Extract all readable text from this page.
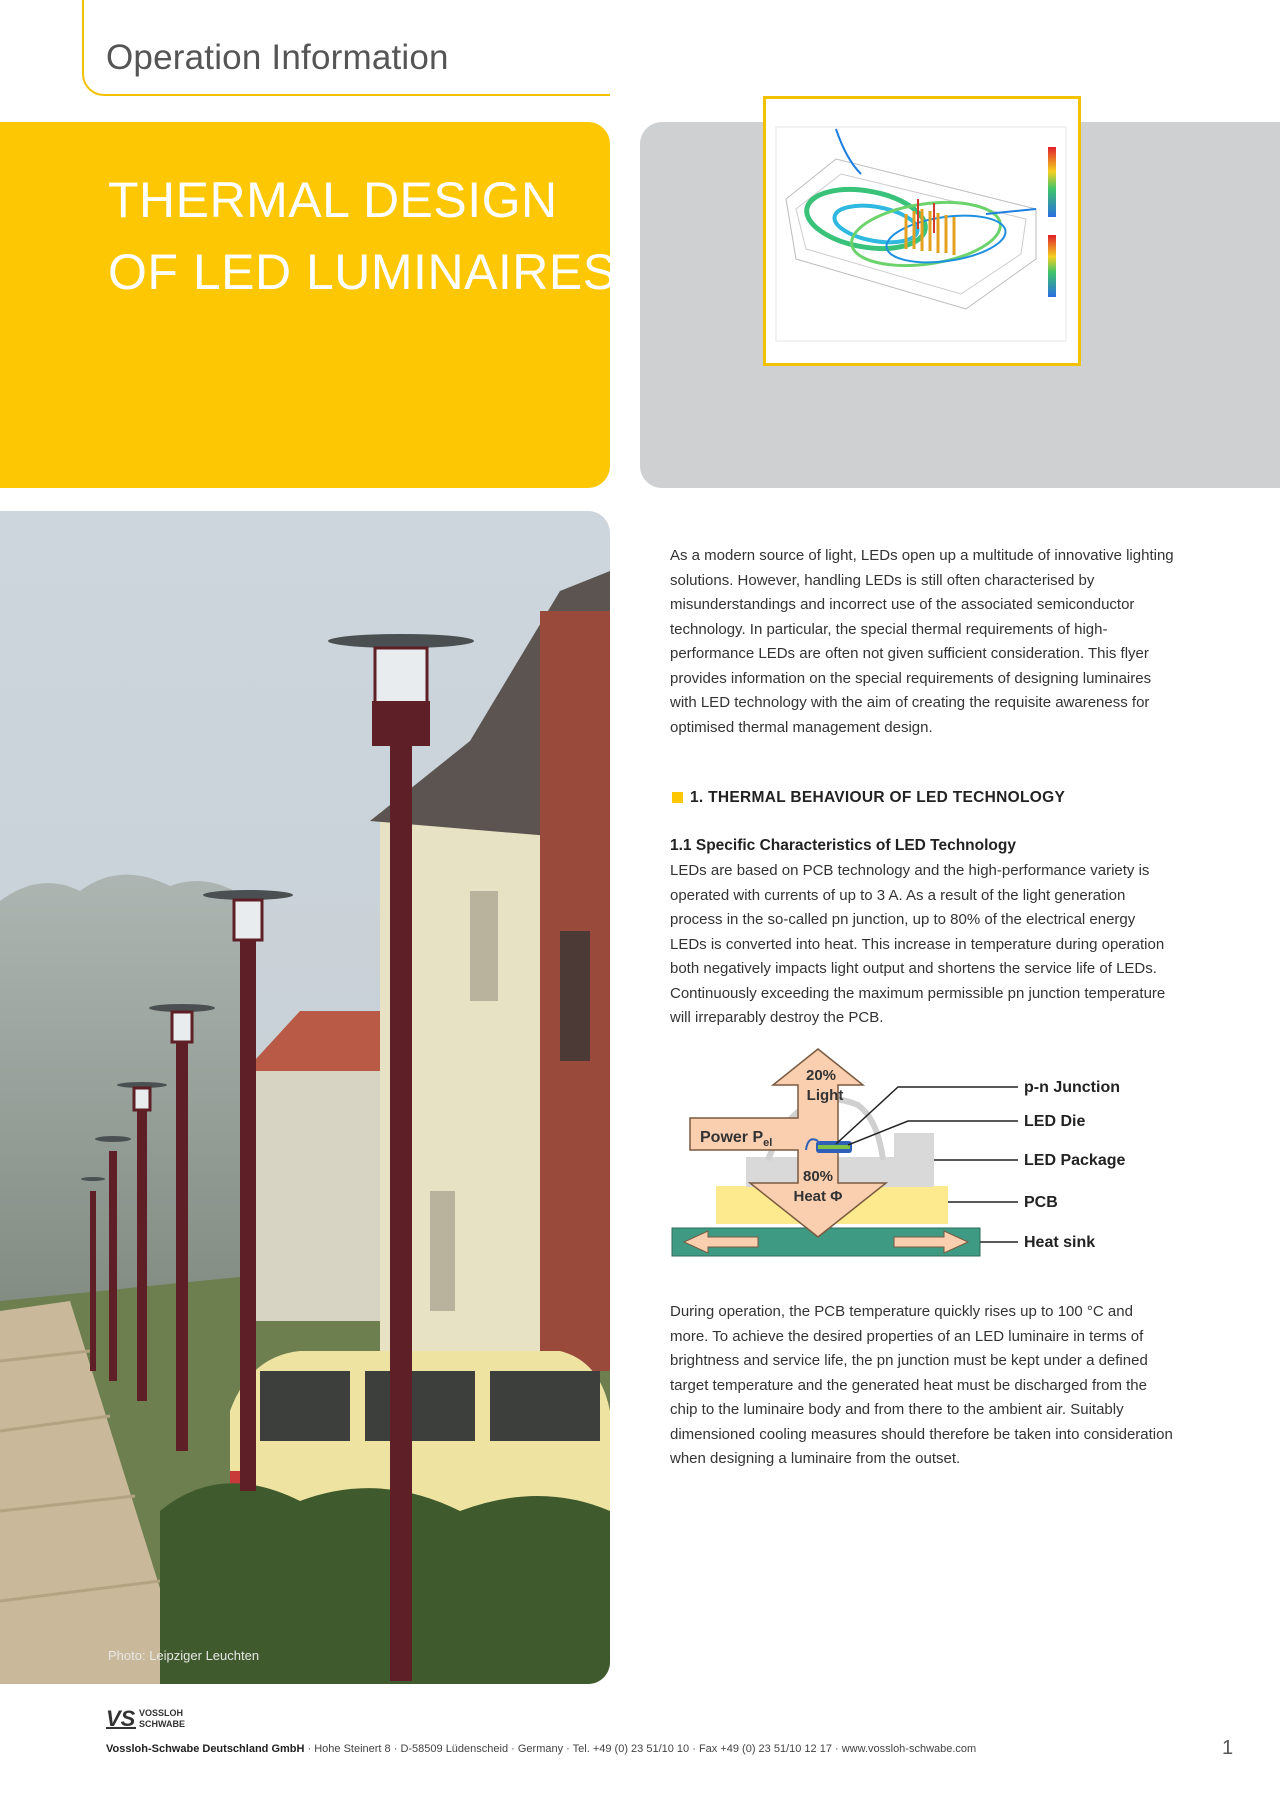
Operation Information
THERMAL DESIGN
OF LED LUMINAIRES
Photo: Leipziger Leuchten
As a modern source of light, LEDs open up a multitude of innovative lighting solutions. However, handling LEDs is still often characterised by misunderstandings and incorrect use of the associated semiconductor technology. In particular, the special thermal requirements of high-performance LEDs are often not given sufficient consideration. This flyer provides information on the special requirements of designing luminaires with LED technology with the aim of creating the requisite awareness for optimised thermal management design.
1. THERMAL BEHAVIOUR OF LED TECHNOLOGY
1.1 Specific Characteristics of LED Technology
LEDs are based on PCB technology and the high-performance variety is operated with currents of up to 3 A. As a result of the light generation process in the so-called pn junction, up to 80% of the electrical energy LEDs is converted into heat. This increase in temperature during operation both negatively impacts light output and shortens the service life of LEDs. Continuously exceeding the maximum permissible pn junction temperature will irreparably destroy the PCB.
20%
Light
Power $P_{el}$
80%
Heat Φ
p-n Junction
LED Die
LED Package
PCB
Heat sink
During operation, the PCB temperature quickly rises up to 100 °C and more. To achieve the desired properties of an LED luminaire in terms of brightness and service life, the pn junction must be kept under a defined target temperature and the generated heat must be discharged from the chip to the luminaire body and from there to the ambient air. Suitably dimensioned cooling measures should therefore be taken into consideration when designing a luminaire from the outset.
VS VOSSLOH
SCHWABE
Vossloh-Schwabe Deutschland GmbH · Hohe Steinert 8 · D-58509 Lüdenscheid · Germany · Tel. +49 (0) 23 51/10 10 · Fax +49 (0) 23 51/10 12 17 · www.vossloh-schwabe.com	1
